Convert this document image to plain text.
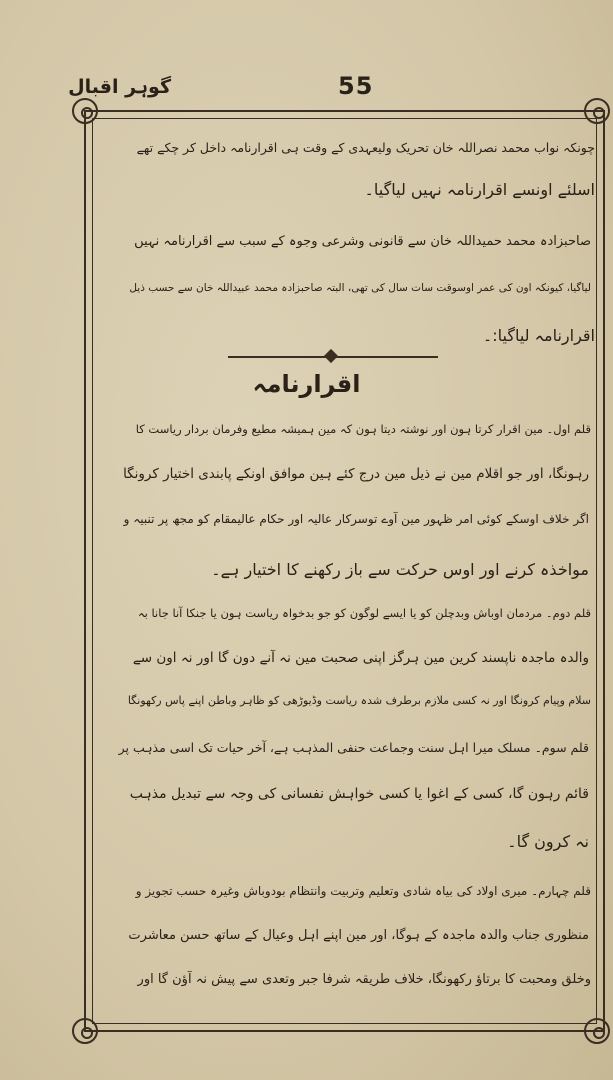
55
گوہر اقبال
چونکہ نواب محمد نصراللہ خان تحریک ولیعہدی کے وقت ہی اقرارنامہ داخل کر چکے تھے
اسلئے اونسے اقرارنامہ نہیں لیاگیا۔
صاحبزادہ محمد حمیداللہ خان سے قانونی وشرعی وجوہ کے سبب سے اقرارنامہ نہیں
لیاگیا، کیونکہ اون کی عمر اوسوقت سات سال کی تھی، البتہ صاحبزادہ محمد عبیداللہ خان سے حسب ذیل
اقرارنامہ لیاگیا:۔
اقرارنامہ
قلم اول۔ مین اقرار کرتا ہون اور نوشتہ دیتا ہون کہ مین ہمیشہ مطیع وفرمان بردار ریاست کا
رہونگا، اور جو اقلام مین نے ذیل مین درج کئے ہین موافق اونکے پابندی اختیار کرونگا
اگر خلاف اوسکے کوئی امر ظہور مین آوے توسرکار عالیہ اور حکام عالیمقام کو مجھ پر تنبیہ و
مواخذہ کرنے اور اوس حرکت سے باز رکھنے کا اختیار ہے۔
قلم دوم۔ مردمان اوباش وبدچلن کو یا ایسے لوگون کو جو بدخواہ ریاست ہون یا جنکا آنا جانا بہ
والدہ ماجدہ ناپسند کرین مین ہرگز اپنی صحبت مین نہ آنے دون گا اور نہ اون سے
سلام وپیام کرونگا اور نہ کسی ملازم برطرف شدہ ریاست وڈیوڑھی کو ظاہر وباطن اپنے پاس رکھونگا
قلم سوم۔ مسلک میرا اہل سنت وجماعت حنفی المذہب ہے، آخر حیات تک اسی مذہب پر
قائم رہون گا، کسی کے اغوا یا کسی خواہش نفسانی کی وجہ سے تبدیل مذہب
نہ کرون گا۔
قلم چہارم۔ میری اولاد کی بیاہ شادی وتعلیم وتربیت وانتظام بودوباش وغیرہ حسب تجویز و
منظوری جناب والدہ ماجدہ کے ہوگا، اور مین اپنے اہل وعیال کے ساتھ حسن معاشرت
وخلق ومحبت کا برتاؤ رکھونگا، خلاف طریقہ شرفا جبر وتعدی سے پیش نہ آؤن گا اور
